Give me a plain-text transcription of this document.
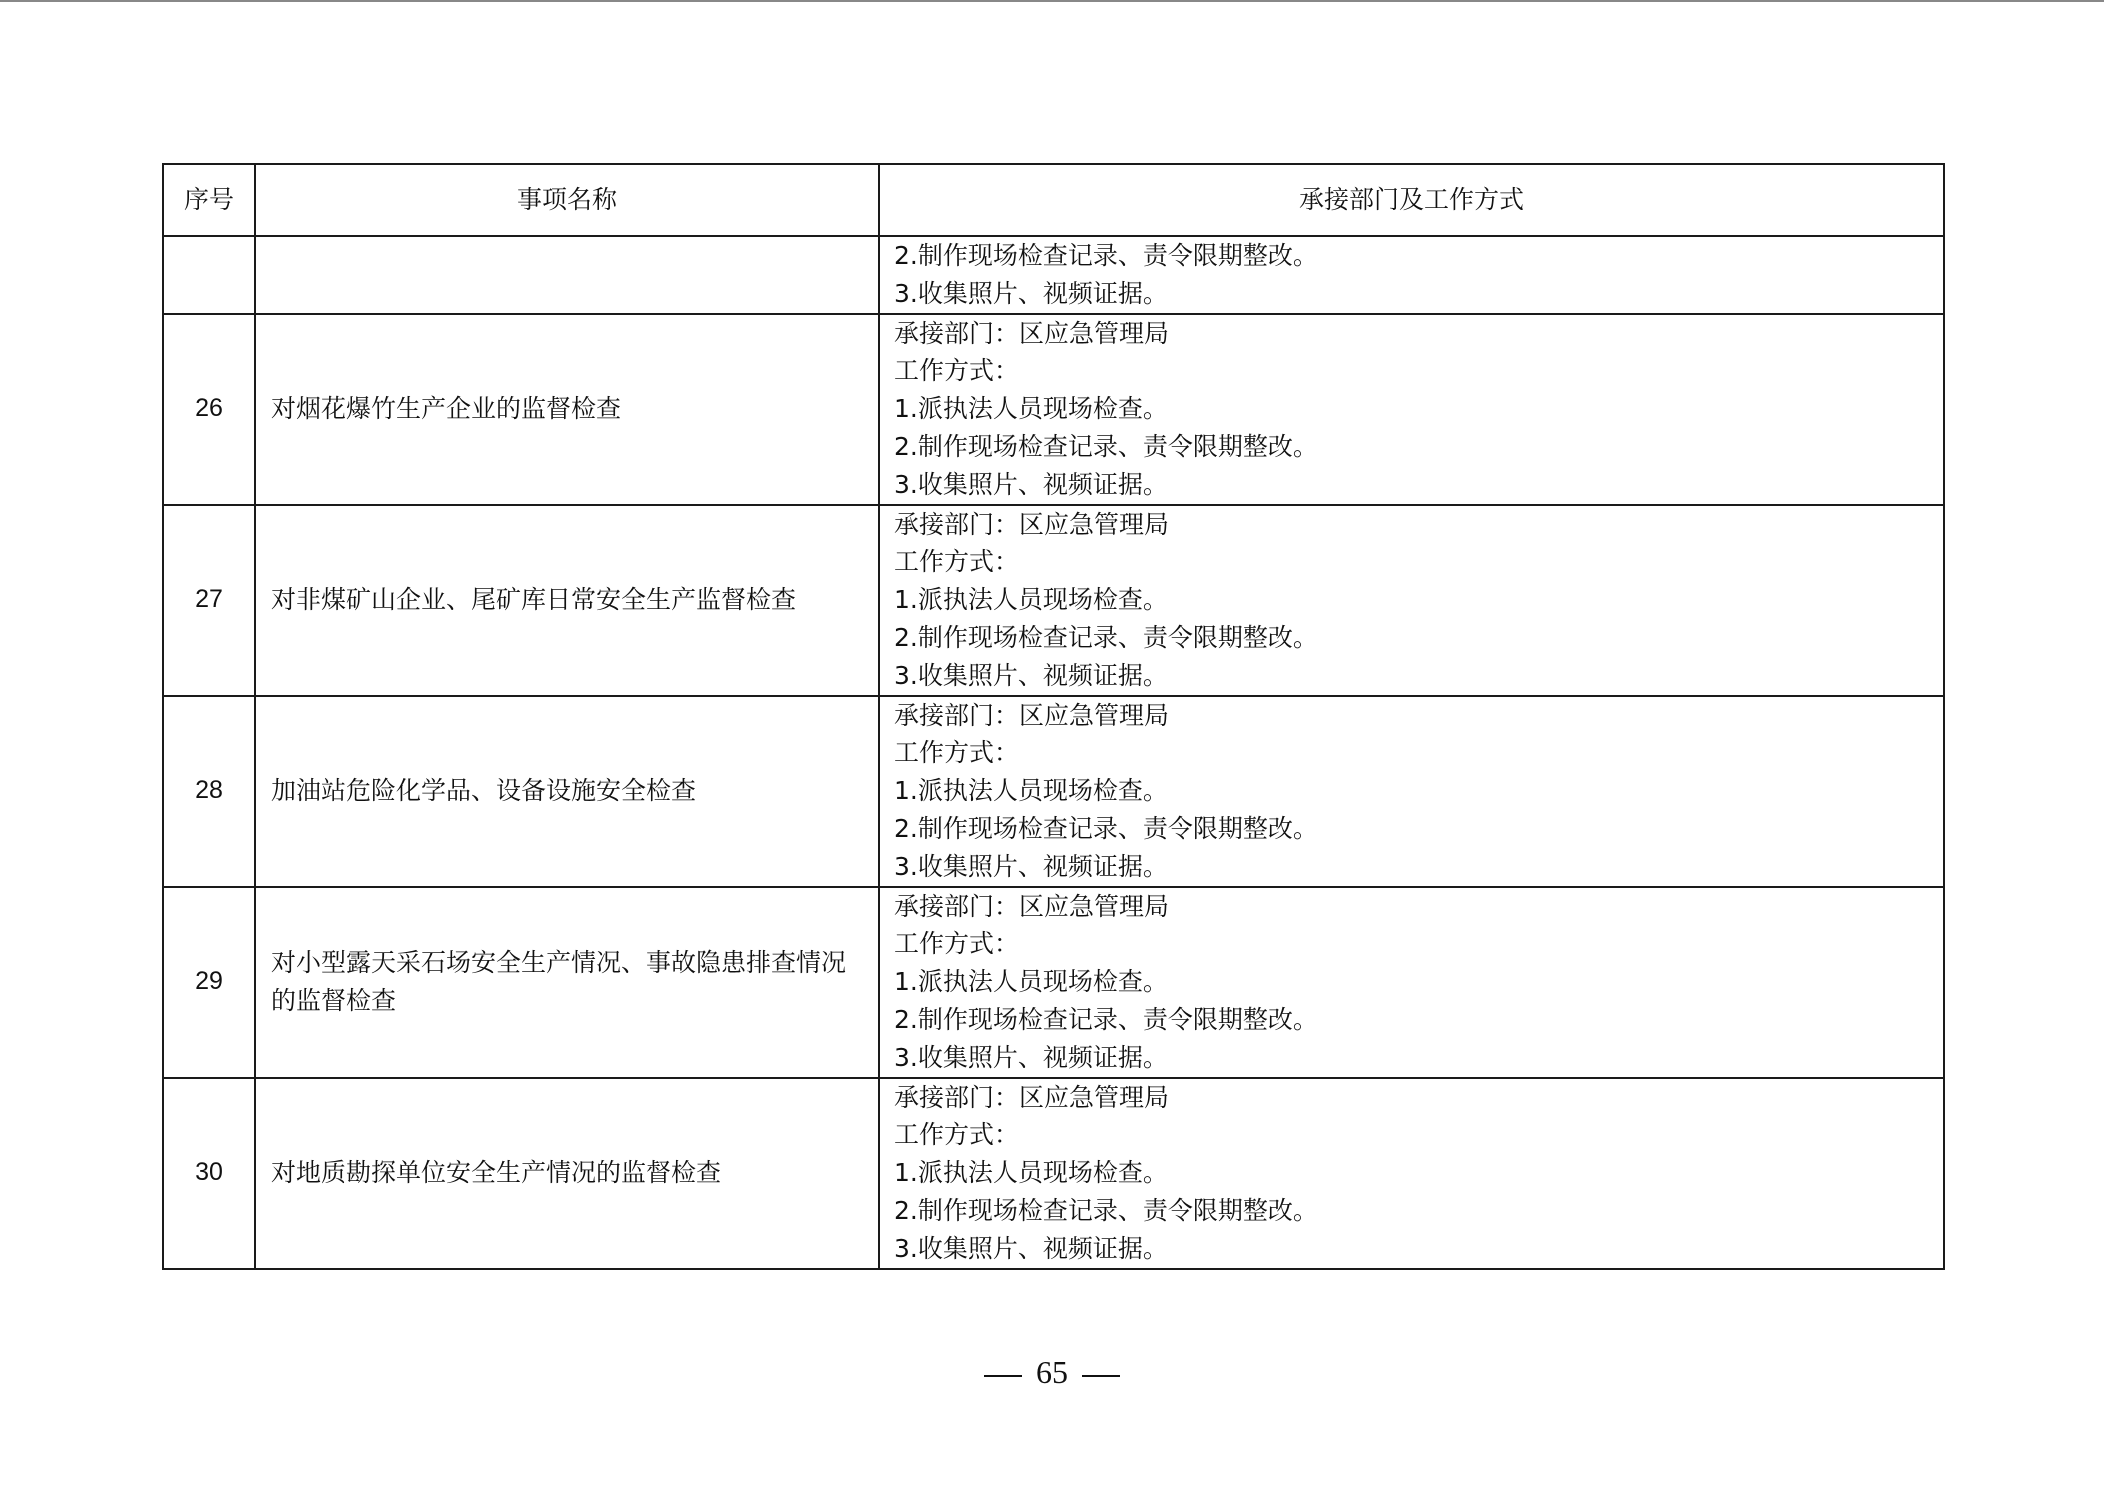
序号	事项名称	承接部门及工作方式

		2.制作现场检查记录、责令限期整改。
3.收集照片、视频证据。

26	对烟花爆竹生产企业的监督检查	承接部门：区应急管理局
工作方式：
1.派执法人员现场检查。
2.制作现场检查记录、责令限期整改。
3.收集照片、视频证据。

27	对非煤矿山企业、尾矿库日常安全生产监督检查	承接部门：区应急管理局
工作方式：
1.派执法人员现场检查。
2.制作现场检查记录、责令限期整改。
3.收集照片、视频证据。

28	加油站危险化学品、设备设施安全检查	承接部门：区应急管理局
工作方式：
1.派执法人员现场检查。
2.制作现场检查记录、责令限期整改。
3.收集照片、视频证据。

29	对小型露天采石场安全生产情况、事故隐患排查情况的监督检查	承接部门：区应急管理局
工作方式：
1.派执法人员现场检查。
2.制作现场检查记录、责令限期整改。
3.收集照片、视频证据。

30	对地质勘探单位安全生产情况的监督检查	承接部门：区应急管理局
工作方式：
1.派执法人员现场检查。
2.制作现场检查记录、责令限期整改。
3.收集照片、视频证据。
65
